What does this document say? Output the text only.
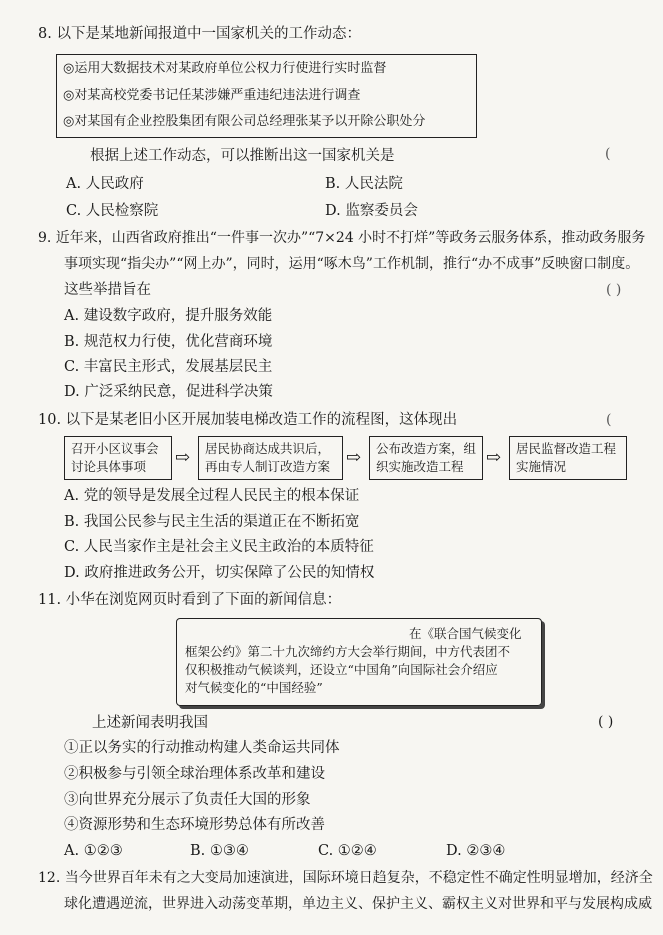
8. 以下是某地新闻报道中一国家机关的工作动态：
◎运用大数据技术对某政府单位公权力行使进行实时监督
◎对某高校党委书记任某涉嫌严重违纪违法进行调查
◎对某国有企业控股集团有限公司总经理张某予以开除公职处分
根据上述工作动态，可以推断出这一国家机关是	(
A. 人民政府	B. 人民法院
C. 人民检察院	D. 监察委员会
9. 近年来，山西省政府推出“一件事一次办”“7×24 小时不打烊”等政务云服务体系，推动政务服务
事项实现“指尖办”“网上办”，同时，运用“啄木鸟”工作机制，推行“办不成事”反映窗口制度。
这些举措旨在	( )
A. 建设数字政府，提升服务效能
B. 规范权力行使，优化营商环境
C. 丰富民主形式，发展基层民主
D. 广泛采纳民意，促进科学决策
10. 以下是某老旧小区开展加装电梯改造工作的流程图，这体现出	(
召开小区议事会
讨论具体事项	⇨ 居民协商达成共识后，
再由专人制订改造方案 ⇨ 公布改造方案，组
织实施改造工程	⇨ 居民监督改造工程
实施情况
A. 党的领导是发展全过程人民民主的根本保证
B. 我国公民参与民主生活的渠道正在不断拓宽
C. 人民当家作主是社会主义民主政治的本质特征
D. 政府推进政务公开，切实保障了公民的知情权
11. 小华在浏览网页时看到了下面的新闻信息：
在《联合国气候变化
框架公约》第二十九次缔约方大会举行期间，中方代表团不
仅积极推动气候谈判，还设立“中国角”向国际社会介绍应
对气候变化的“中国经验”
上述新闻表明我国	( )
①正以务实的行动推动构建人类命运共同体
②积极参与引领全球治理体系改革和建设
③向世界充分展示了负责任大国的形象
④资源形势和生态环境形势总体有所改善
A. ①②③	B. ①③④	C. ①②④	D. ②③④
12. 当今世界百年未有之大变局加速演进，国际环境日趋复杂，不稳定性不确定性明显增加，经济全
球化遭遇逆流，世界进入动荡变革期，单边主义、保护主义、霸权主义对世界和平与发展构成威
